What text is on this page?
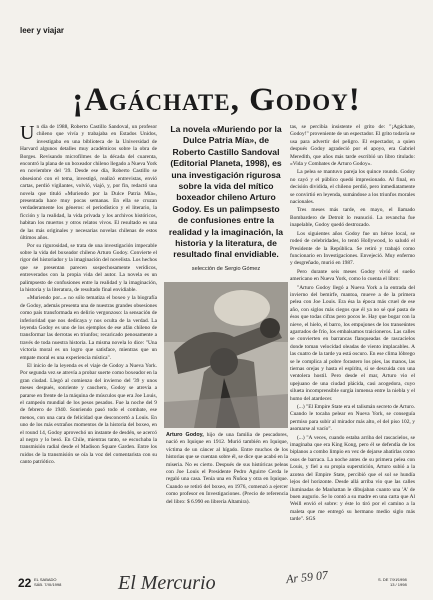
leer y viajar
¡Agáchate, Godoy!
U n día de 1988, Roberto Castillo Sandoval, un profesor chileno que vivía y trabajaba en Estados Unidos, investigaba en una biblioteca de la Universidad de Harvard algunos detalles muy académicos sobre la obra de Borges. Revisando microfilmes de la década del cuarenta, encontró la plana de un boxeador chileno llegado a Nueva York en noviembre del '39. Desde ese día, Roberto Castillo se obsesionó con el tema, investigó, realizó entrevistas, envió cartas, perdió vigilantes, volvió, viajó, y, por fin, redactó una novela que tituló «Muriendo por la Dulce Patria Mía», presentada hace muy pocas semanas. En ella se cruzan verdaderamente los géneros: el periodístico y el literario, la ficción y la realidad, la vida privada y los archivos históricos, habitan los muertos y otros relatos vivos. El resultado es una de las más originales y necesarias novelas chilenas de estos últimos años.

Por su rigurosidad, se trata de una investigación impecable sobre la vida del boxeador chileno Arturo Godoy. Convierte el rigor del historiador y la imaginación del novelista. Los hechos que se presentan parecen sospechosamente verídicos, entreverados con la propia vida del autor. La novela es un palimpsesto de confusiones entre la realidad y la imaginación, la historia y la literatura, de resultado final envidiable.

«Muriendo por...» no sólo tematiza el boxeo y la biografía de Godoy, además presenta una de nuestras grandes obsesiones como país transformada en delirio vergonzoso: la sensación de inferioridad que nos dedicaya y nos oculta de la verdad. La leyenda Godoy es uno de los ejemplos de ese afán chileno de transformar las derrotas en triunfos; recaricado penosamente a través de toda nuestra historia. La misma novela lo dice: "Una victoria moral es un logro que satisface, mientras que un empate moral es una experiencia mística".

El inicio de la leyenda es el viaje de Godoy a Nueva York. Por segunda vez se atrevía a probar suerte como boxeador en la gran ciudad. Llegó al comienzo del invierno del '39 y unos meses después, sonriente y cauchero, Godoy se atrevía a pararse en frente de la máquina de músculos que era Joe Louis, el campeón mundial de los pesos pesados. Fue la noche del 9 de febrero de 1940. Sonriendo pasó todo el combate, ese menos, con una cara de felicidad que desconcertó a Louis. En uno de los más extraños momentos de la historia del boxeo, en el round 14, Godoy aprovechó un instante de desdén, se acercó al negro y lo besó. En Chile, mientras tanto, se escuchaba la transmisión radial desde el Madison Square Garden. Entre los ruidos de la transmisión se oía la voz del comentarista con su canto patriótico.

La novela «Muriendo por la Dulce Patria Mía», de Roberto Castillo Sandoval (Editorial Planeta, 1998), es una investigación rigurosa sobre la vida del mítico boxeador chileno Arturo Godoy. Es un palimpsesto de confusiones entre la realidad y la imaginación, la historia y la literatura, de resultado final envidiable.
selección de Sergio Gómez
Arturo Godoy, hijo de una familia de pescadores, nació en Iquique en 1912. Murió también en Iquique, víctima de un cáncer al hígado. Entre muchos de los historias que se cuentan sobre él, se dice que acabó en la miseria. No es cierto. Después de sus históricas peleas con Joe Louis el Presidente Pedro Aguirre Cerda le regaló una casa. Tenía una en Ñuñoa y otra en Iquique. Cuando se retiró del boxeo, en 1976, comenzó a ejercer como profesor en Investigaciones. (Precio de referencia del libro: $ 6.990 en librería Altamira).

tas, se percibía insistente el grito de: "¡Agáchate, Godoy!" proveniente de un espectador. El grito todavía se usa para advertir del peligro. El espectador, a quien después Godoy agradeció por el apoyo, era Gabriel Meredith, que años más tarde escribió un libro titulado: «Vida y Combates de Arturo Godoy».

La pelea se mantuvo pareja los quince rounds. Godoy no cayó y el público quedó impresionado. Al final, en decisión dividida, el chileno perdió, pero inmediatamente se convirtió en leyenda, sumándose a los triunfos morales nacionales.

Tres meses más tarde, en mayo, el llamado Bombardero de Detroit lo reanució. La revancha fue inapelable, Godoy quedó destrozado.

Los siguientes años Godoy fue un héroe local, se rodeó de celebridades, lo tentó Hollywood, lo saludó el Presidente de la República. Se retiró y trabajó como funcionario en Investigaciones. Envejeció. Muy enfermo y desgreñado, murió en 1987.

Pero durante seis meses Godoy vivió el sueño americano en Nueva York, como lo cuenta el libro:

"Arturo Godoy llegó a Nueva York a la entrada del invierno del bemirfe, mantoa, mueve a de la primera pelea con Joe Louis. Era ésa la época más cruel de ese año, con siglos más ciegos que él ya no sé qué pasta de ésos que todas cifras pero pocos le. Hay que bogar con la nieve, el hielo, el barro, los empujones de los transeúntes agarrados de frío, los embalsamos traicioneros. Las calles se convierten en barrancas flanqueadas de rascacielos donde toman velocidad oleadas de viento implacables. A las cuatro de la tarde ya está oscuro. En ese clima lóbrego se le complica al pobre forastero los pies, las manos, las tiernas orejas y hasta el espíritu, si se descuida con una ventolera hostil. Pero desde el mar, Arturo vio el upejuano de una ciudad plácida, casi acogedora, cuyo silueta incomprensible surgía inmensa entre la niebla y el humo del atardecer.

(...) "El Empire State era el talismán secreto de Arturo. Cuando le tocaba pelear en Nueva York, se conseguía permiso para subir al mirador más alto, el del piso 102, y asomarse al vacío".

(...) "A veces, cuando estaba arriba del rascacielos, se imaginaba que era King Kong, pero él se defendía de los biplanos a combo limpio en vez de dejarse abatirlas como osos de barraca. La noche antes de su primera pelea con Louis, y fiel a su propia superstición, Arturo subió a la azotea del Empire State, percibió que el sol se hundía lejos del horizonte. Desde allá arriba vio que las calles iluminadas de Manhattan le dibujaban cuanto una 'A' de buen augurio. Se lo contó a su madre en una carta que Al Weill envió el sobre: y éste lo tiró por el camino a la maleta que me entregó su hermano medio siglo más tarde". SGS

22 EL SABADO
SÁB. 7/XI/1998	El Mercurio	Ar 59 07	S. DE 7/XI/1998
13 / 1998
